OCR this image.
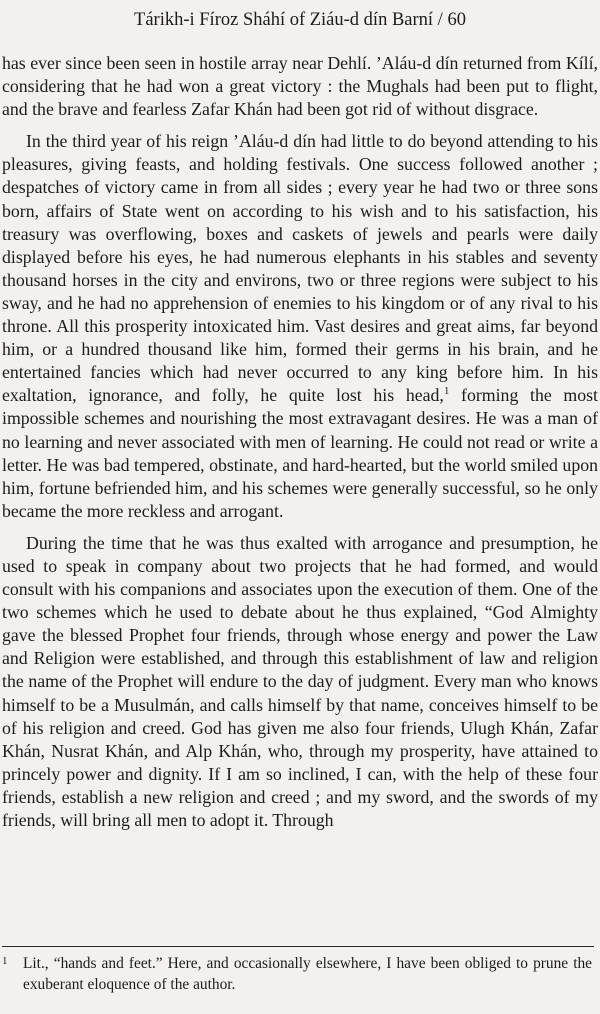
Tárikh-i Fíroz Sháhí of Ziáu-d dín Barní / 60

has ever since been seen in hostile array near Dehlí. ’Aláu-d dín returned from Kílí, considering that he had won a great victory : the Mughals had been put to flight, and the brave and fearless Zafar Khán had been got rid of without disgrace.

In the third year of his reign ’Aláu-d dín had little to do beyond attending to his pleasures, giving feasts, and holding festivals. One success followed another ; despatches of victory came in from all sides ; every year he had two or three sons born, affairs of State went on according to his wish and to his satisfaction, his treasury was overflowing, boxes and caskets of jewels and pearls were daily displayed before his eyes, he had numerous elephants in his stables and seventy thousand horses in the city and environs, two or three regions were subject to his sway, and he had no apprehension of enemies to his kingdom or of any rival to his throne. All this prosperity intoxicated him. Vast desires and great aims, far beyond him, or a hundred thousand like him, formed their germs in his brain, and he entertained fancies which had never occurred to any king before him. In his exaltation, ignorance, and folly, he quite lost his head,$^1$ forming the most impossible schemes and nourishing the most extravagant desires. He was a man of no learning and never associated with men of learning. He could not read or write a letter. He was bad tempered, obstinate, and hard-hearted, but the world smiled upon him, fortune befriended him, and his schemes were generally successful, so he only became the more reckless and arrogant.

During the time that he was thus exalted with arrogance and presumption, he used to speak in company about two projects that he had formed, and would consult with his companions and associates upon the execution of them. One of the two schemes which he used to debate about he thus explained, “God Almighty gave the blessed Prophet four friends, through whose energy and power the Law and Religion were established, and through this establishment of law and religion the name of the Prophet will endure to the day of judgment. Every man who knows himself to be a Musulmán, and calls himself by that name, conceives himself to be of his religion and creed. God has given me also four friends, Ulugh Khán, Zafar Khán, Nusrat Khán, and Alp Khán, who, through my prosperity, have attained to princely power and dignity. If I am so inclined, I can, with the help of these four friends, establish a new religion and creed ; and my sword, and the swords of my friends, will bring all men to adopt it. Through

1 Lit., “hands and feet.” Here, and occasionally elsewhere, I have been obliged to prune the exuberant eloquence of the author.
